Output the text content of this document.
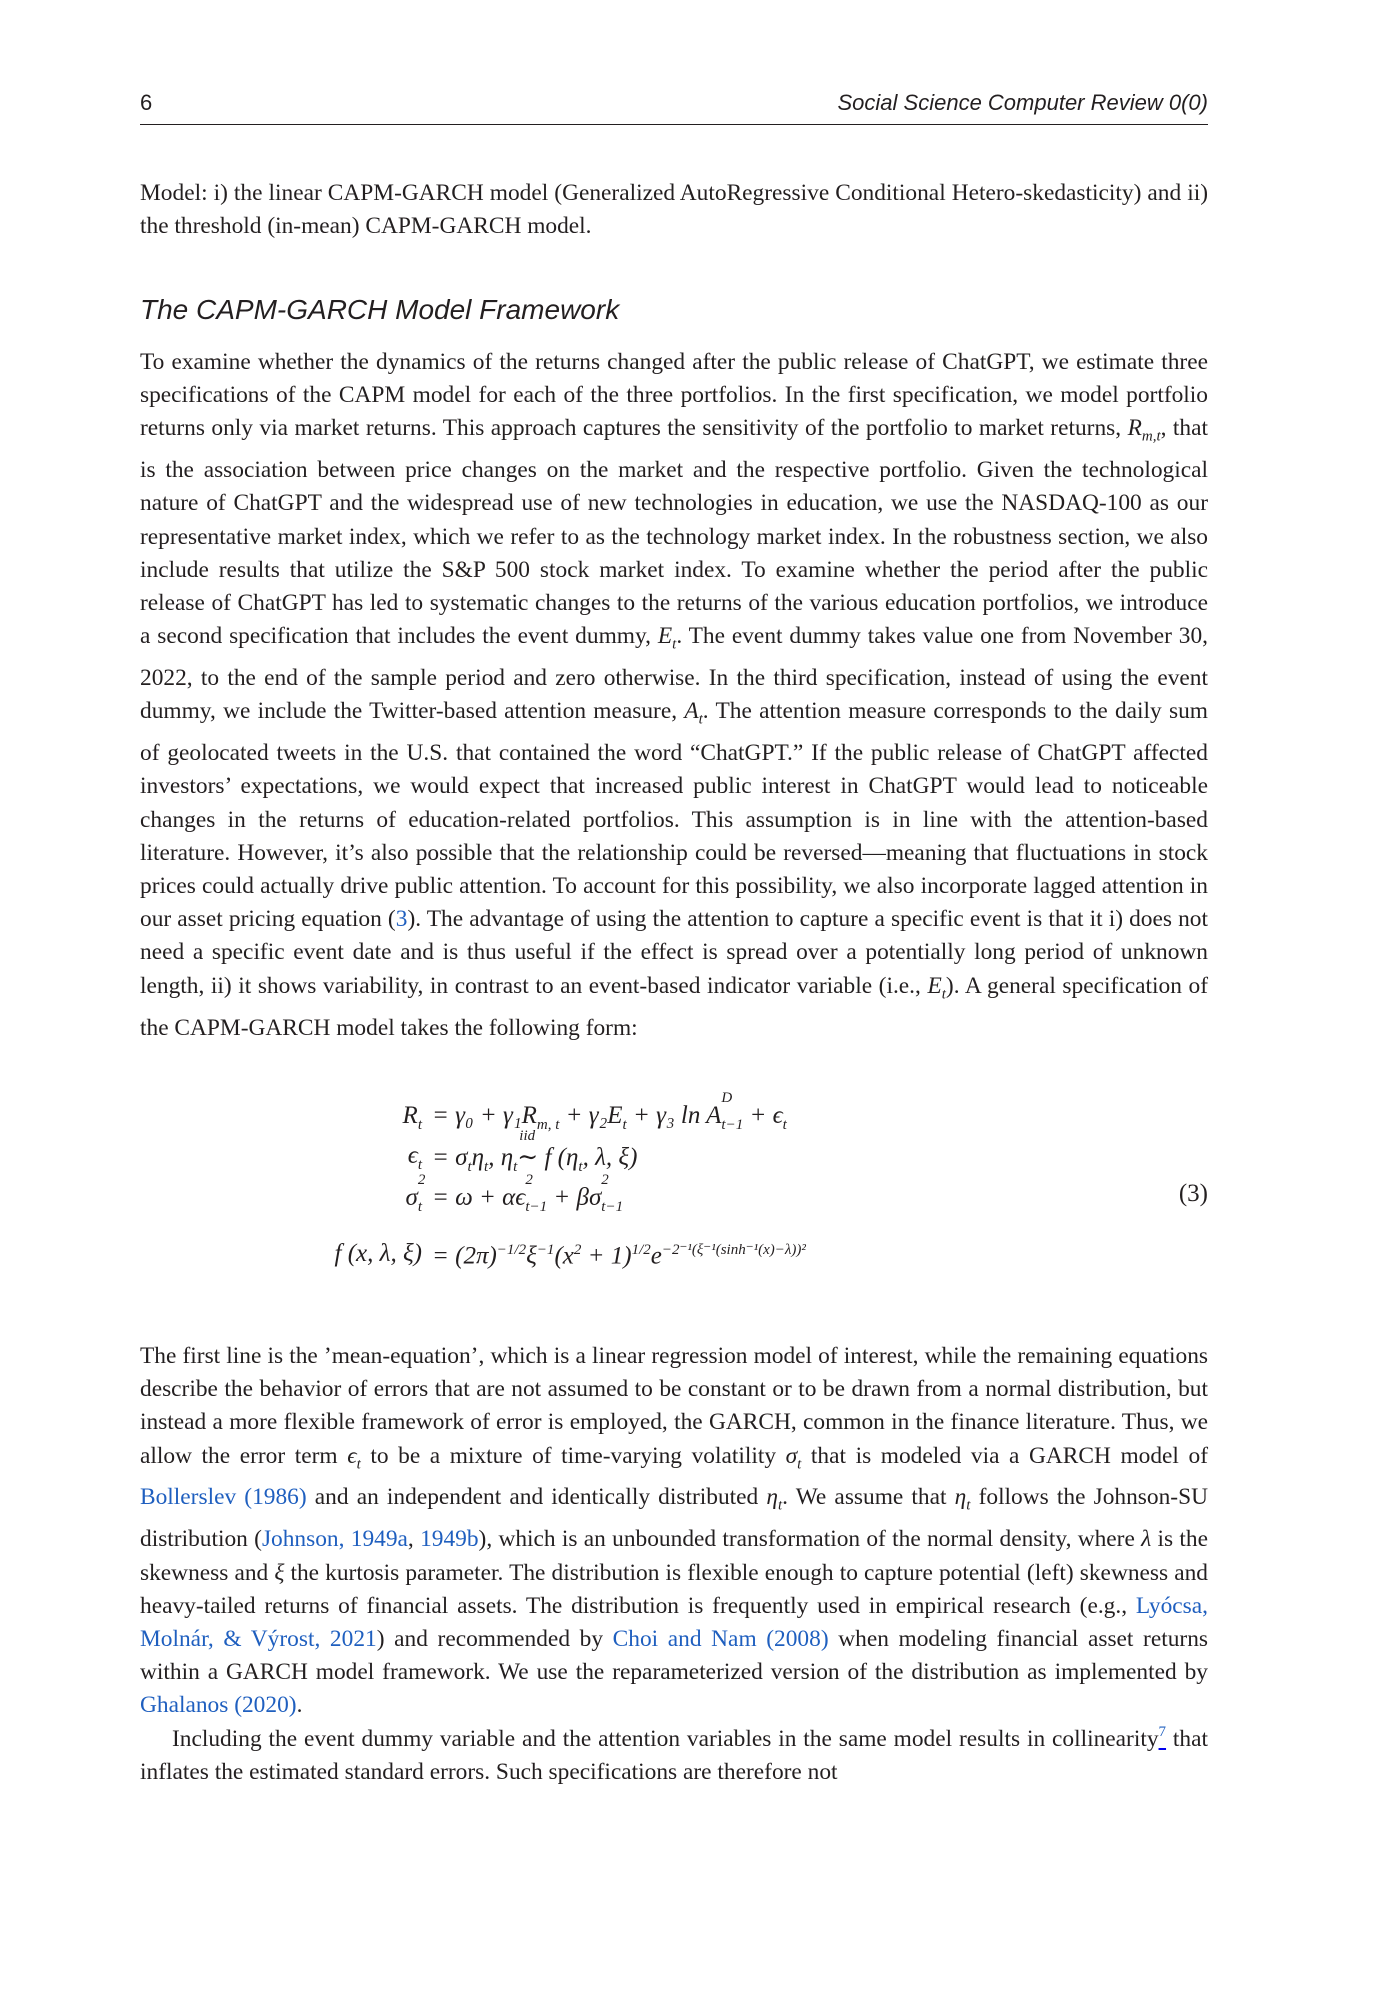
6	Social Science Computer Review 0(0)

Model: i) the linear CAPM-GARCH model (Generalized AutoRegressive Conditional Hetero-skedasticity) and ii) the threshold (in-mean) CAPM-GARCH model.

The CAPM-GARCH Model Framework

To examine whether the dynamics of the returns changed after the public release of ChatGPT, we estimate three specifications of the CAPM model for each of the three portfolios. In the first specification, we model portfolio returns only via market returns. This approach captures the sensitivity of the portfolio to market returns, $R_{m,t}$, that is the association between price changes on the market and the respective portfolio. Given the technological nature of ChatGPT and the widespread use of new technologies in education, we use the NASDAQ-100 as our representative market index, which we refer to as the technology market index. In the robustness section, we also include results that utilize the S&P 500 stock market index. To examine whether the period after the public release of ChatGPT has led to systematic changes to the returns of the various education portfolios, we introduce a second specification that includes the event dummy, $E_t$. The event dummy takes value one from November 30, 2022, to the end of the sample period and zero otherwise. In the third specification, instead of using the event dummy, we include the Twitter-based attention measure, $A_t$. The attention measure corresponds to the daily sum of geolocated tweets in the U.S. that contained the word “ChatGPT.” If the public release of ChatGPT affected investors’ expectations, we would expect that increased public interest in ChatGPT would lead to noticeable changes in the returns of education-related portfolios. This assumption is in line with the attention-based literature. However, it’s also possible that the relationship could be reversed—meaning that fluctuations in stock prices could actually drive public attention. To account for this possibility, we also incorporate lagged attention in our asset pricing equation (3). The advantage of using the attention to capture a specific event is that it i) does not need a specific event date and is thus useful if the effect is spread over a potentially long period of unknown length, ii) it shows variability, in contrast to an event-based indicator variable (i.e., $E_t$). A general specification of the CAPM-GARCH model takes the following form:

$R_t = \gamma_0 + \gamma_1R_{m, t} + \gamma_2E_t + \gamma_3$ ln A
D
$_{t-1} + \epsilon_t$
$\epsilon_t = \sigma_t\eta_t$, $\eta_t$
iid
∼ f ($\eta_t$, λ, ξ)
σ
2
$_t$ = ω + αϵ
2
$_{t-1}$ + βσ
2
$_{t-1}$
f (x, λ, $\xi) = (2\pi)^{-1/2}\xi^{-1}(x^2 + 1)^{1/2}e^{-2^{-1}(\xi^{-1}(sinh^{-1}(x)-\lambda))^2}$
(3)

The first line is the ’mean-equation’, which is a linear regression model of interest, while the remaining equations describe the behavior of errors that are not assumed to be constant or to be drawn from a normal distribution, but instead a more flexible framework of error is employed, the GARCH, common in the finance literature. Thus, we allow the error term $\epsilon_t$ to be a mixture of time-varying volatility $\sigma_t$ that is modeled via a GARCH model of Bollerslev (1986) and an independent and identically distributed $\eta_t$. We assume that $\eta_t$ follows the Johnson-SU distribution (Johnson, 1949a, 1949b), which is an unbounded transformation of the normal density, where λ is the skewness and ξ the kurtosis parameter. The distribution is flexible enough to capture potential (left) skewness and heavy-tailed returns of financial assets. The distribution is frequently used in empirical research (e.g., Lyócsa, Molnár, & Výrost, 2021) and recommended by Choi and Nam (2008) when modeling financial asset returns within a GARCH model framework. We use the reparameterized version of the distribution as implemented by Ghalanos (2020).

Including the event dummy variable and the attention variables in the same model results in collinearity$^7$ that inflates the estimated standard errors. Such specifications are therefore not
